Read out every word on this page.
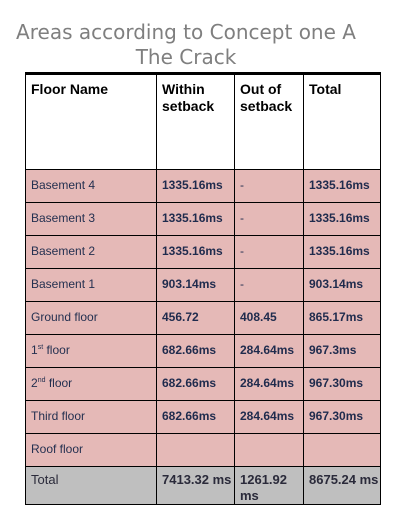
Areas according to Concept one A
The Crack
Floor Name	Within setback	Out of setback	Total
Basement 4	1335.16ms	-	1335.16ms
Basement 3	1335.16ms	-	1335.16ms
Basement 2	1335.16ms	-	1335.16ms
Basement 1	903.14ms	-	903.14ms
Ground floor	456.72	408.45	865.17ms
1st floor	682.66ms	284.64ms	967.3ms
2nd floor	682.66ms	284.64ms	967.30ms
Third floor	682.66ms	284.64ms	967.30ms
Roof floor			
Total	7413.32 ms	1261.92 ms	8675.24 ms
